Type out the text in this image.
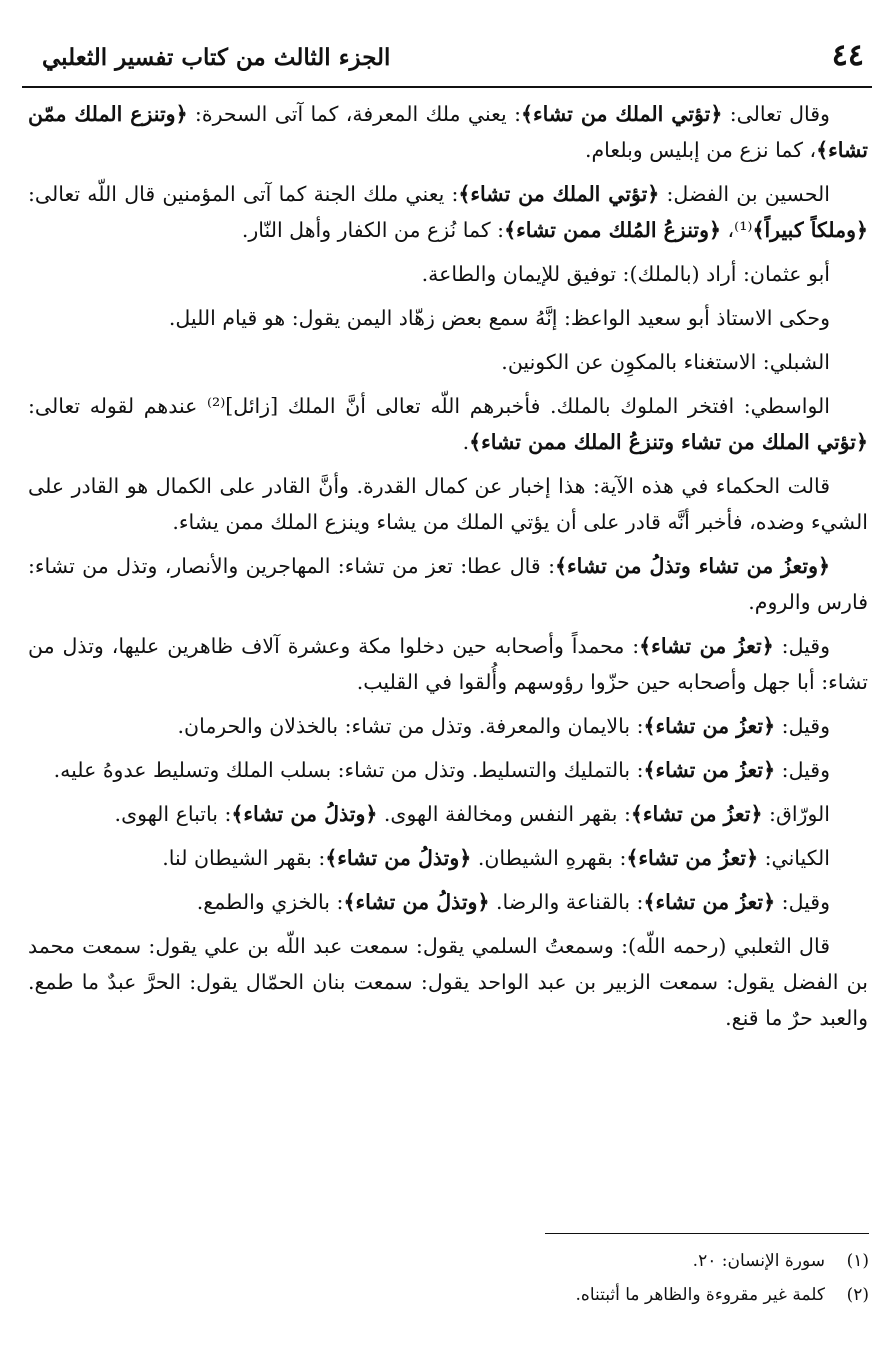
٤٤
الجزء الثالث من كتاب تفسير الثعلبي

وقال تعالى: ﴿تؤتي الملك من تشاء﴾: يعني ملك المعرفة، كما آتى السحرة: ﴿وتنزع الملك ممّن تشاء﴾، كما نزع من إبليس وبلعام.

الحسين بن الفضل: ﴿تؤتي الملك من تشاء﴾: يعني ملك الجنة كما آتى المؤمنين قال اللّه تعالى: ﴿وملكاً كبيراً﴾⁽¹⁾، ﴿وتنزعُ المُلك ممن تشاء﴾: كما نُزع من الكفار وأهل النّار.

أبو عثمان: أراد (بالملك): توفيق للإيمان والطاعة.

وحكى الاستاذ أبو سعيد الواعظ: إنَّهُ سمع بعض زهّاد اليمن يقول: هو قيام الليل.

الشبلي: الاستغناء بالمكوِن عن الكونين.

الواسطي: افتخر الملوك بالملك. فأخبرهم اللّه تعالى أنَّ الملك [زائل]⁽²⁾ عندهم لقوله تعالى: ﴿تؤتي الملك من تشاء وتنزعُ الملك ممن تشاء﴾.

قالت الحكماء في هذه الآية: هذا إخبار عن كمال القدرة. وأنَّ القادر على الكمال هو القادر على الشيء وضده، فأخبر أنَّه قادر على أن يؤتي الملك من يشاء وينزع الملك ممن يشاء.

﴿وتعزُ من تشاء وتذلُ من تشاء﴾: قال عطا: تعز من تشاء: المهاجرين والأنصار، وتذل من تشاء: فارس والروم.

وقيل: ﴿تعزُ من تشاء﴾: محمداً وأصحابه حين دخلوا مكة وعشرة آلاف ظاهرين عليها، وتذل من تشاء: أبا جهل وأصحابه حين حزّوا رؤوسهم وأُلقوا في القليب.

وقيل: ﴿تعزُ من تشاء﴾: بالايمان والمعرفة. وتذل من تشاء: بالخذلان والحرمان.

وقيل: ﴿تعزُ من تشاء﴾: بالتمليك والتسليط. وتذل من تشاء: بسلب الملك وتسليط عدوهُ عليه.

الورّاق: ﴿تعزُ من تشاء﴾: بقهر النفس ومخالفة الهوى. ﴿وتذلُ من تشاء﴾: باتباع الهوى.

الكياني: ﴿تعزُ من تشاء﴾: بقهرهِ الشيطان. ﴿وتذلُ من تشاء﴾: بقهر الشيطان لنا.

وقيل: ﴿تعزُ من تشاء﴾: بالقناعة والرضا. ﴿وتذلُ من تشاء﴾: بالخزي والطمع.

قال الثعلبي (رحمه اللّه): وسمعتُ السلمي يقول: سمعت عبد اللّه بن علي يقول: سمعت محمد بن الفضل يقول: سمعت الزبير بن عبد الواحد يقول: سمعت بنان الحمّال يقول: الحرَّ عبدٌ ما طمع. والعبد حرٌ ما قنع.

(١)
سورة الإنسان: ٢٠.
(٢)
كلمة غير مقروءة والظاهر ما أثبتناه.
